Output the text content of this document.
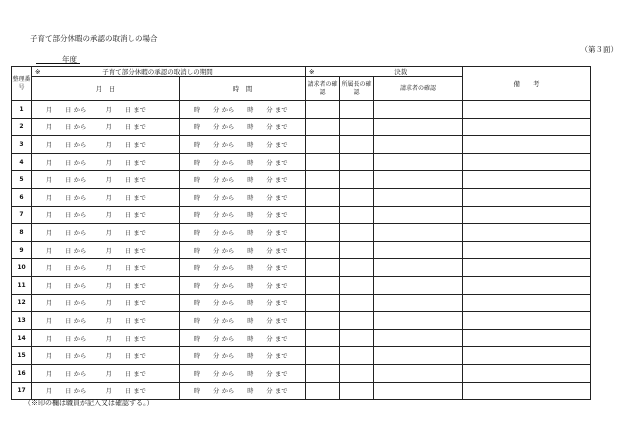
子育て部分休暇の承認の取消しの場合
（第３面）
年度
整理番号	※ 子育て部分休暇の承認の取消しの期間		※	決裁		備　　考
	月　日	時　間	請求者の確認	所属長の確認	請求者の確認	
1	月　　日 から　　　月　　日 まで	時　　分 から　　時　　分 まで				
2	月　　日 から　　　月　　日 まで	時　　分 から　　時　　分 まで				
3	月　　日 から　　　月　　日 まで	時　　分 から　　時　　分 まで				
4	月　　日 から　　　月　　日 まで	時　　分 から　　時　　分 まで				
5	月　　日 から　　　月　　日 まで	時　　分 から　　時　　分 まで				
6	月　　日 から　　　月　　日 まで	時　　分 から　　時　　分 まで				
7	月　　日 から　　　月　　日 まで	時　　分 から　　時　　分 まで				
8	月　　日 から　　　月　　日 まで	時　　分 から　　時　　分 まで				
9	月　　日 から　　　月　　日 まで	時　　分 から　　時　　分 まで				
10	月　　日 から　　　月　　日 まで	時　　分 から　　時　　分 まで				
11	月　　日 から　　　月　　日 まで	時　　分 から　　時　　分 まで				
12	月　　日 から　　　月　　日 まで	時　　分 から　　時　　分 まで				
13	月　　日 から　　　月　　日 まで	時　　分 から　　時　　分 まで				
14	月　　日 から　　　月　　日 まで	時　　分 から　　時　　分 まで				
15	月　　日 から　　　月　　日 まで	時　　分 から　　時　　分 まで				
16	月　　日 から　　　月　　日 まで	時　　分 から　　時　　分 まで				
17	月　　日 から　　　月　　日 まで	時　　分 から　　時　　分 まで				
（※印の欄は職員が記入又は確認する。）
